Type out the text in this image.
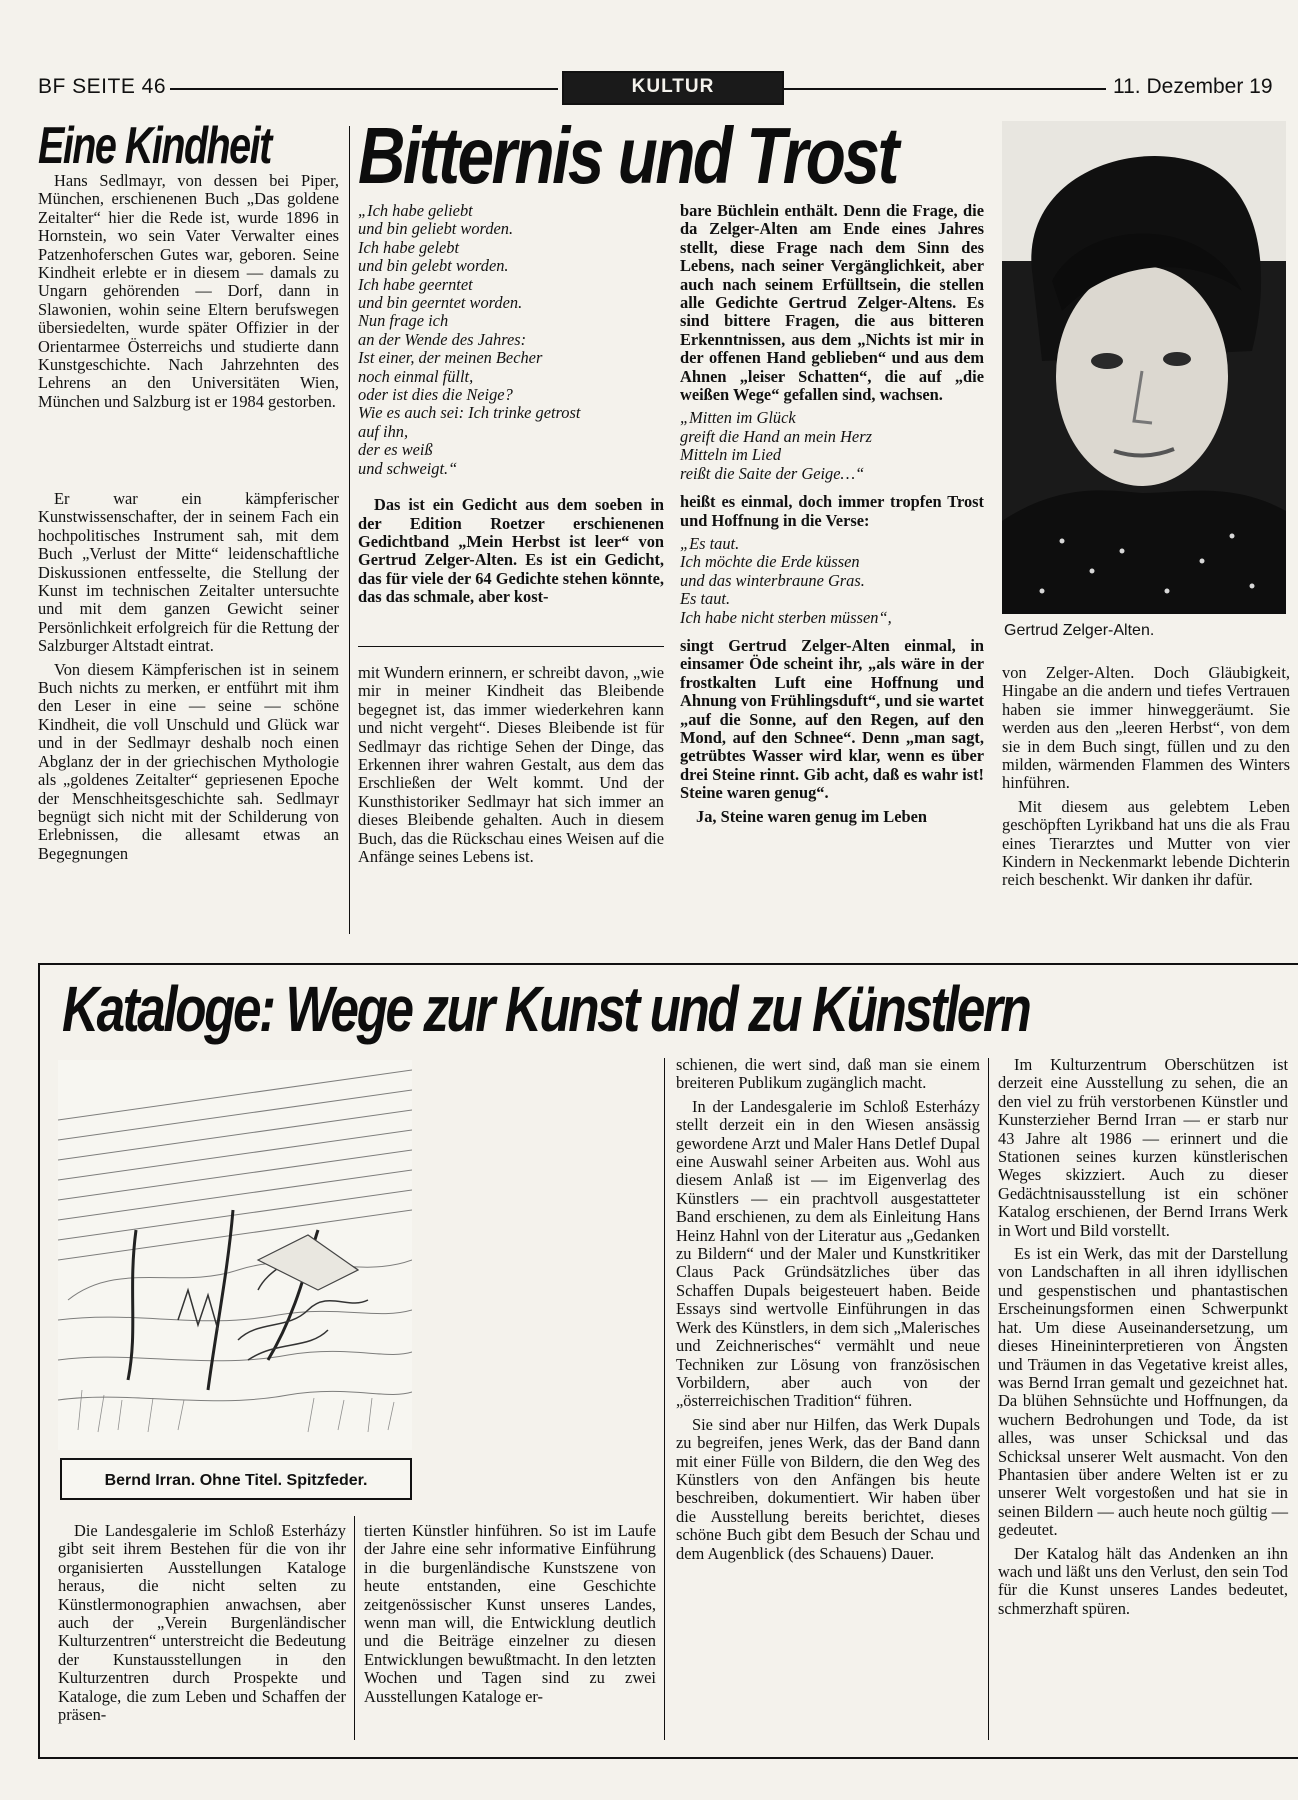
BF SEITE 46	KULTUR	11. Dezember 19
Eine Kindheit

Hans Sedlmayr, von dessen bei Piper, München, erschienenen Buch „Das goldene Zeitalter“ hier die Rede ist, wurde 1896 in Hornstein, wo sein Vater Verwalter eines Patzenhoferschen Gutes war, geboren. Seine Kindheit erlebte er in diesem — damals zu Ungarn gehörenden — Dorf, dann in Slawonien, wohin seine Eltern berufswegen übersiedelten, wurde später Offizier in der Orientarmee Österreichs und studierte dann Kunstgeschichte. Nach Jahrzehnten des Lehrens an den Universitäten Wien, München und Salzburg ist er 1984 gestorben.

Er war ein kämpferischer Kunstwissenschafter, der in seinem Fach ein hochpolitisches Instrument sah, mit dem Buch „Verlust der Mitte“ leidenschaftliche Diskussionen entfesselte, die Stellung der Kunst im technischen Zeitalter untersuchte und mit dem ganzen Gewicht seiner Persönlichkeit erfolgreich für die Rettung der Salzburger Altstadt eintrat.

Von diesem Kämpferischen ist in seinem Buch nichts zu merken, er entführt mit ihm den Leser in eine — seine — schöne Kindheit, die voll Unschuld und Glück war und in der Sedlmayr deshalb noch einen Abglanz der in der griechischen Mythologie als „goldenes Zeitalter“ gepriesenen Epoche der Menschheitsgeschichte sah. Sedlmayr begnügt sich nicht mit der Schilderung von Erlebnissen, die allesamt etwas an Begegnungen

Bitternis und Trost
„Ich habe geliebt
und bin geliebt worden.
Ich habe gelebt
und bin gelebt worden.
Ich habe geerntet
und bin geerntet worden.
Nun frage ich
an der Wende des Jahres:
Ist einer, der meinen Becher
noch einmal füllt,
oder ist dies die Neige?
Wie es auch sei: Ich trinke getrost
auf ihn,
der es weiß
und schweigt.“

Das ist ein Gedicht aus dem soeben in der Edition Roetzer erschienenen Gedichtband „Mein Herbst ist leer“ von Gertrud Zelger-Alten. Es ist ein Gedicht, das für viele der 64 Gedichte stehen könnte, das das schmale, aber kost-

mit Wundern erinnern, er schreibt davon, „wie mir in meiner Kindheit das Bleibende begegnet ist, das immer wiederkehren kann und nicht vergeht“. Dieses Bleibende ist für Sedlmayr das richtige Sehen der Dinge, das Erkennen ihrer wahren Gestalt, aus dem das Erschließen der Welt kommt. Und der Kunsthistoriker Sedlmayr hat sich immer an dieses Bleibende gehalten. Auch in diesem Buch, das die Rückschau eines Weisen auf die Anfänge seines Lebens ist.

bare Büchlein enthält. Denn die Frage, die da Zelger-Alten am Ende eines Jahres stellt, diese Frage nach dem Sinn des Lebens, nach seiner Vergänglichkeit, aber auch nach seinem Erfülltsein, die stellen alle Gedichte Gertrud Zelger-Altens. Es sind bittere Fragen, die aus bitteren Erkenntnissen, aus dem „Nichts ist mir in der offenen Hand geblieben“ und aus dem Ahnen „leiser Schatten“, die auf „die weißen Wege“ gefallen sind, wachsen.

„Mitten im Glück
greift die Hand an mein Herz
Mitteln im Lied
reißt die Saite der Geige…“

heißt es einmal, doch immer tropfen Trost und Hoffnung in die Verse:

„Es taut.
Ich möchte die Erde küssen
und das winterbraune Gras.
Es taut.
Ich habe nicht sterben müssen“,

singt Gertrud Zelger-Alten einmal, in einsamer Öde scheint ihr, „als wäre in der frostkalten Luft eine Hoffnung und Ahnung von Frühlingsduft“, und sie wartet „auf die Sonne, auf den Regen, auf den Mond, auf den Schnee“. Denn „man sagt, getrübtes Wasser wird klar, wenn es über drei Steine rinnt. Gib acht, daß es wahr ist! Steine waren genug“.

Ja, Steine waren genug im Leben

Gertrud Zelger-Alten.

von Zelger-Alten. Doch Gläubigkeit, Hingabe an die andern und tiefes Vertrauen haben sie immer hinweggeräumt. Sie werden aus den „leeren Herbst“, von dem sie in dem Buch singt, füllen und zu den milden, wärmenden Flammen des Winters hinführen.

Mit diesem aus gelebtem Leben geschöpften Lyrikband hat uns die als Frau eines Tierarztes und Mutter von vier Kindern in Neckenmarkt lebende Dichterin reich beschenkt. Wir danken ihr dafür.

Kataloge: Wege zur Kunst und zu Künstlern
Bernd Irran. Ohne Titel. Spitzfeder.

Die Landesgalerie im Schloß Esterházy gibt seit ihrem Bestehen für die von ihr organisierten Ausstellungen Kataloge heraus, die nicht selten zu Künstlermonographien anwachsen, aber auch der „Verein Burgenländischer Kulturzentren“ unterstreicht die Bedeutung der Kunstausstellungen in den Kulturzentren durch Prospekte und Kataloge, die zum Leben und Schaffen der präsen-

tierten Künstler hinführen. So ist im Laufe der Jahre eine sehr informative Einführung in die burgenländische Kunstszene von heute entstanden, eine Geschichte zeitgenössischer Kunst unseres Landes, wenn man will, die Entwicklung deutlich und die Beiträge einzelner zu diesen Entwicklungen bewußtmacht. In den letzten Wochen und Tagen sind zu zwei Ausstellungen Kataloge er-

schienen, die wert sind, daß man sie einem breiteren Publikum zugänglich macht.

In der Landesgalerie im Schloß Esterházy stellt derzeit ein in den Wiesen ansässig gewordene Arzt und Maler Hans Detlef Dupal eine Auswahl seiner Arbeiten aus. Wohl aus diesem Anlaß ist — im Eigenverlag des Künstlers — ein prachtvoll ausgestatteter Band erschienen, zu dem als Einleitung Hans Heinz Hahnl von der Literatur aus „Gedanken zu Bildern“ und der Maler und Kunstkritiker Claus Pack Gründsätzliches über das Schaffen Dupals beigesteuert haben. Beide Essays sind wertvolle Einführungen in das Werk des Künstlers, in dem sich „Malerisches und Zeichnerisches“ vermählt und neue Techniken zur Lösung von französischen Vorbildern, aber auch von der „österreichischen Tradition“ führen.

Sie sind aber nur Hilfen, das Werk Dupals zu begreifen, jenes Werk, das der Band dann mit einer Fülle von Bildern, die den Weg des Künstlers von den Anfängen bis heute beschreiben, dokumentiert. Wir haben über die Ausstellung bereits berichtet, dieses schöne Buch gibt dem Besuch der Schau und dem Augenblick (des Schauens) Dauer.

Im Kulturzentrum Oberschützen ist derzeit eine Ausstellung zu sehen, die an den viel zu früh verstorbenen Künstler und Kunsterzieher Bernd Irran — er starb nur 43 Jahre alt 1986 — erinnert und die Stationen seines kurzen künstlerischen Weges skizziert. Auch zu dieser Gedächtnisausstellung ist ein schöner Katalog erschienen, der Bernd Irrans Werk in Wort und Bild vorstellt.

Es ist ein Werk, das mit der Darstellung von Landschaften in all ihren idyllischen und gespenstischen und phantastischen Erscheinungsformen einen Schwerpunkt hat. Um diese Auseinandersetzung, um dieses Hineininterpretieren von Ängsten und Träumen in das Vegetative kreist alles, was Bernd Irran gemalt und gezeichnet hat. Da blühen Sehnsüchte und Hoffnungen, da wuchern Bedrohungen und Tode, da ist alles, was unser Schicksal und das Schicksal unserer Welt ausmacht. Von den Phantasien über andere Welten ist er zu unserer Welt vorgestoßen und hat sie in seinen Bildern — auch heute noch gültig — gedeutet.

Der Katalog hält das Andenken an ihn wach und läßt uns den Verlust, den sein Tod für die Kunst unseres Landes bedeutet, schmerzhaft spüren.
